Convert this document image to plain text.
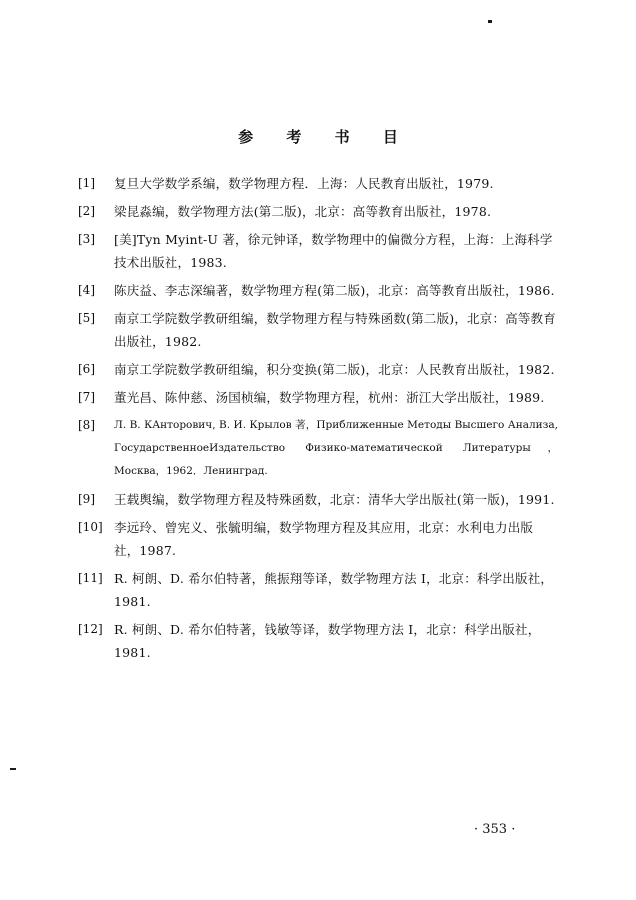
参 考 书 目
[1] 复旦大学数学系编，数学物理方程．上海：人民教育出版社，1979.
[2] 梁昆淼编，数学物理方法(第二版)，北京：高等教育出版社，1978.
[3] [美]Tyn Myint-U 著，徐元钟译，数学物理中的偏微分方程，上海：上海科学技术出版社，1983.
[4] 陈庆益、李志深编著，数学物理方程(第二版)，北京：高等教育出版社，1986.
[5] 南京工学院数学教研组编，数学物理方程与特殊函数(第二版)，北京：高等教育出版社，1982.
[6] 南京工学院数学教研组编，积分变换(第二版)，北京：人民教育出版社，1982.
[7] 董光昌、陈仲慈、汤国桢编，数学物理方程，杭州：浙江大学出版社，1989.
[8] Л. В. КАнторович, В. И. Крылов 著，Приближенные Методы Высшего Анализа, ГосударственноеИздательство Физико-математической Литературы，Москва，1962．Ленинград.
[9] 王载舆编，数学物理方程及特殊函数，北京：清华大学出版社(第一版)，1991.
[10] 李远玲、曾宪义、张毓明编，数学物理方程及其应用，北京：水利电力出版社，1987.
[11] R. 柯朗、D. 希尔伯特著，熊振翔等译，数学物理方法 Ⅰ，北京：科学出版社，1981.
[12] R. 柯朗、D. 希尔伯特著，钱敏等译，数学物理方法 Ⅰ，北京：科学出版社，1981.
· 353 ·
